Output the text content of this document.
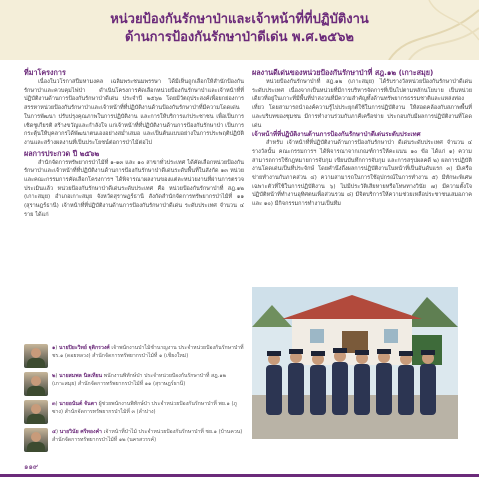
หน่วยป้องกันรักษาป่าและเจ้าหน้าที่ที่ปฏิบัติงาน
ด้านการป้องกันรักษาป่าดีเด่น พ.ศ.๒๕๖๒
ที่มาโครงการ
เนื่องในวโรกาสปีมหามงคล เฉลิมพระชนมพรรษา ได้มีเห็นถูกเลือกให้สำนักป้องกันรักษาป่าและควบคุมไฟป่า ดำเนินโครงการคัดเลือกหน่วยป้องกันรักษาป่าและเจ้าหน้าที่ที่ปฏิบัติงานด้านการป้องกันรักษาป่าดีเด่น ประจำปี ๒๕๖๒ โดยมีวัตถุประสงค์เพื่อยกย่องการสรรหาหน่วยป้องกันรักษาป่าและเจ้าหน้าที่ที่ปฏิบัติงานด้านป้องกันรักษาป่าที่มีความโดดเด่นในการพัฒนา ปรับปรุงคุณภาพในการปฏิบัติงาน และการให้บริการแก่ประชาชน เพื่อเป็นการเชิดชูเกียรติ สร้างขวัญและกำลังใจ แก่เจ้าหน้าที่ที่ปฏิบัติงานด้านการป้องกันรักษาป่า เป็นการกระตุ้นให้บุคลากรได้พัฒนาตนเองอย่างสม่ำเสมอ และเป็นต้นแบบอย่างในการประพฤติปฏิบัติงานและสร้างผลงานที่เป็นประโยชน์ต่อการป่าไม้ต่อไป
ผลการประกวด ปี ๒๕๖๒
สำนักจัดการทรัพยากรป่าไม้ที่ ๑-๑๓ และ ๑๐ สาขาทั่วประเทศ ได้คัดเลือกหน่วยป้องกันรักษาป่าและเจ้าหน้าที่ที่ปฏิบัติงานด้านการป้องกันรักษาป่าดีเด่นระดับพื้นที่ในสังกัด ๑๓ หน่วย และคณะกรรมการคัดเลือกโครงการฯ ได้พิจารณาผลงานของแต่ละหน่วยงานที่ผ่านการตรวจประเมินแล้ว หน่วยป้องกันรักษาป่าดีเด่นระดับประเทศ คือ หน่วยป้องกันรักษาป่าที่ สฎ.๑๒ (เกาะสมุย) อำเภอเกาะสมุย จังหวัดสุราษฎร์ธานี สังกัดสำนักจัดการทรัพยากรป่าไม้ที่ ๑๑ (สุราษฎร์ธานี) เจ้าหน้าที่ที่ปฏิบัติงานด้านการป้องกันรักษาป่าดีเด่น ระดับประเทศ จำนวน ๔ ราย ได้แก่
๑) นายปิยะวิทย์ ฐุติกรวงศ์ เจ้าพนักงานป่าไม้ชำนาญงาน ประจำหน่วยป้องกันรักษาป่าที่ ชร.๑ (ดอยหลวง) สำนักจัดการทรัพยากรป่าไม้ที่ ๑ (เชียงใหม่)
๒) นายสมพล นิลเทียน พนักงานพิทักษ์ป่า ประจำหน่วยป้องกันรักษาป่าที่ สฎ.๑๒ (เกาะสมุย) สำนักจัดการทรัพยากรป่าไม้ที่ ๑๑ (สุราษฎร์ธานี)
๓) นายอนันต์ จันตา ผู้ช่วยพนักงานพิทักษ์ป่า ประจำหน่วยป้องกันรักษาป่าที่ พย.๑ (ภูซาง) สำนักจัดการทรัพยากรป่าไม้ที่ ๓ (ลำปาง)
๔) นายวินัย ศรีทองคำ เจ้าหน้าที่ป่าไม้ ประจำหน่วยป้องกันรักษาป่าที่ ชย.๑ (บ้านควน) สำนักจัดการทรัพยากรป่าไม้ที่ ๑๒ (นครสวรรค์)
ผลงานดีเด่นของหน่วยป้องกันรักษาป่าที่ สฎ.๑๒ (เกาะสมุย)
หน่วยป้องกันรักษาป่าที่ สฎ.๑๒ (เกาะสมุย) ได้รับรางวัลหน่วยป้องกันรักษาป่าดีเด่นระดับประเทศ เนื่องจากเป็นหน่วยที่มีการบริหารจัดการที่เป็นไปตามหลักนโยบาย เป็นหน่วยเดียวที่อยู่ในเกาะที่มีพื้นที่ป่าสงวนที่มีความสำคัญทั้งด้านทรัพยากรธรรมชาติและแหล่งท่องเที่ยว โดยสามารถนำองค์ความรู้ไปประยุกต์ใช้ในการปฏิบัติงาน ให้สอดคล้องกับสภาพพื้นที่และบริบทของชุมชน มีการทำงานร่วมกับภาคีเครือข่าย ประกอบกับมีผลการปฏิบัติงานที่โดดเด่น
เจ้าหน้าที่ที่ปฏิบัติงานด้านการป้องกันรักษาป่าดีเด่นระดับประเทศ
สำหรับ เจ้าหน้าที่ที่ปฏิบัติงานด้านการป้องกันรักษาป่า ดีเด่นระดับประเทศ จำนวน ๔ รางวัลนั้น คณะกรรมการฯ ได้พิจารณาจากเกณฑ์การให้คะแนน ๑๐ ข้อ ได้แก่ ๑) ความสามารถการใช้กฎหมายการจับกุม เขียนบันทึกการจับกุม และการสรุปผลคดี ๒) ผลการปฏิบัติงานโดดเด่นเป็นที่ประจักษ์ โดยคำนึงถึงผลการปฏิบัติงานในหน้าที่เป็นอันดับแรก ๓) มีเครือข่ายทำงานกับภาคส่วน ๔) ความสามารถในการใช้อุปกรณ์ในการทำงาน ๕) มีทักษะพิเศษเฉพาะตัวที่ใช้ในการปฏิบัติงาน ๖) ไม่มีประวัติเสียหายหรือโทษทางวินัย ๗) มีความตั้งใจปฏิบัติหน้าที่ทำงานอุทิศตนเพื่อส่วนรวม ๘) มีจิตบริการให้ความช่วยเหลือประชาชนเสมอภาค และ ๑๐) มีกิจกรรมการทำงานเป็นทีม
๑๑๙
